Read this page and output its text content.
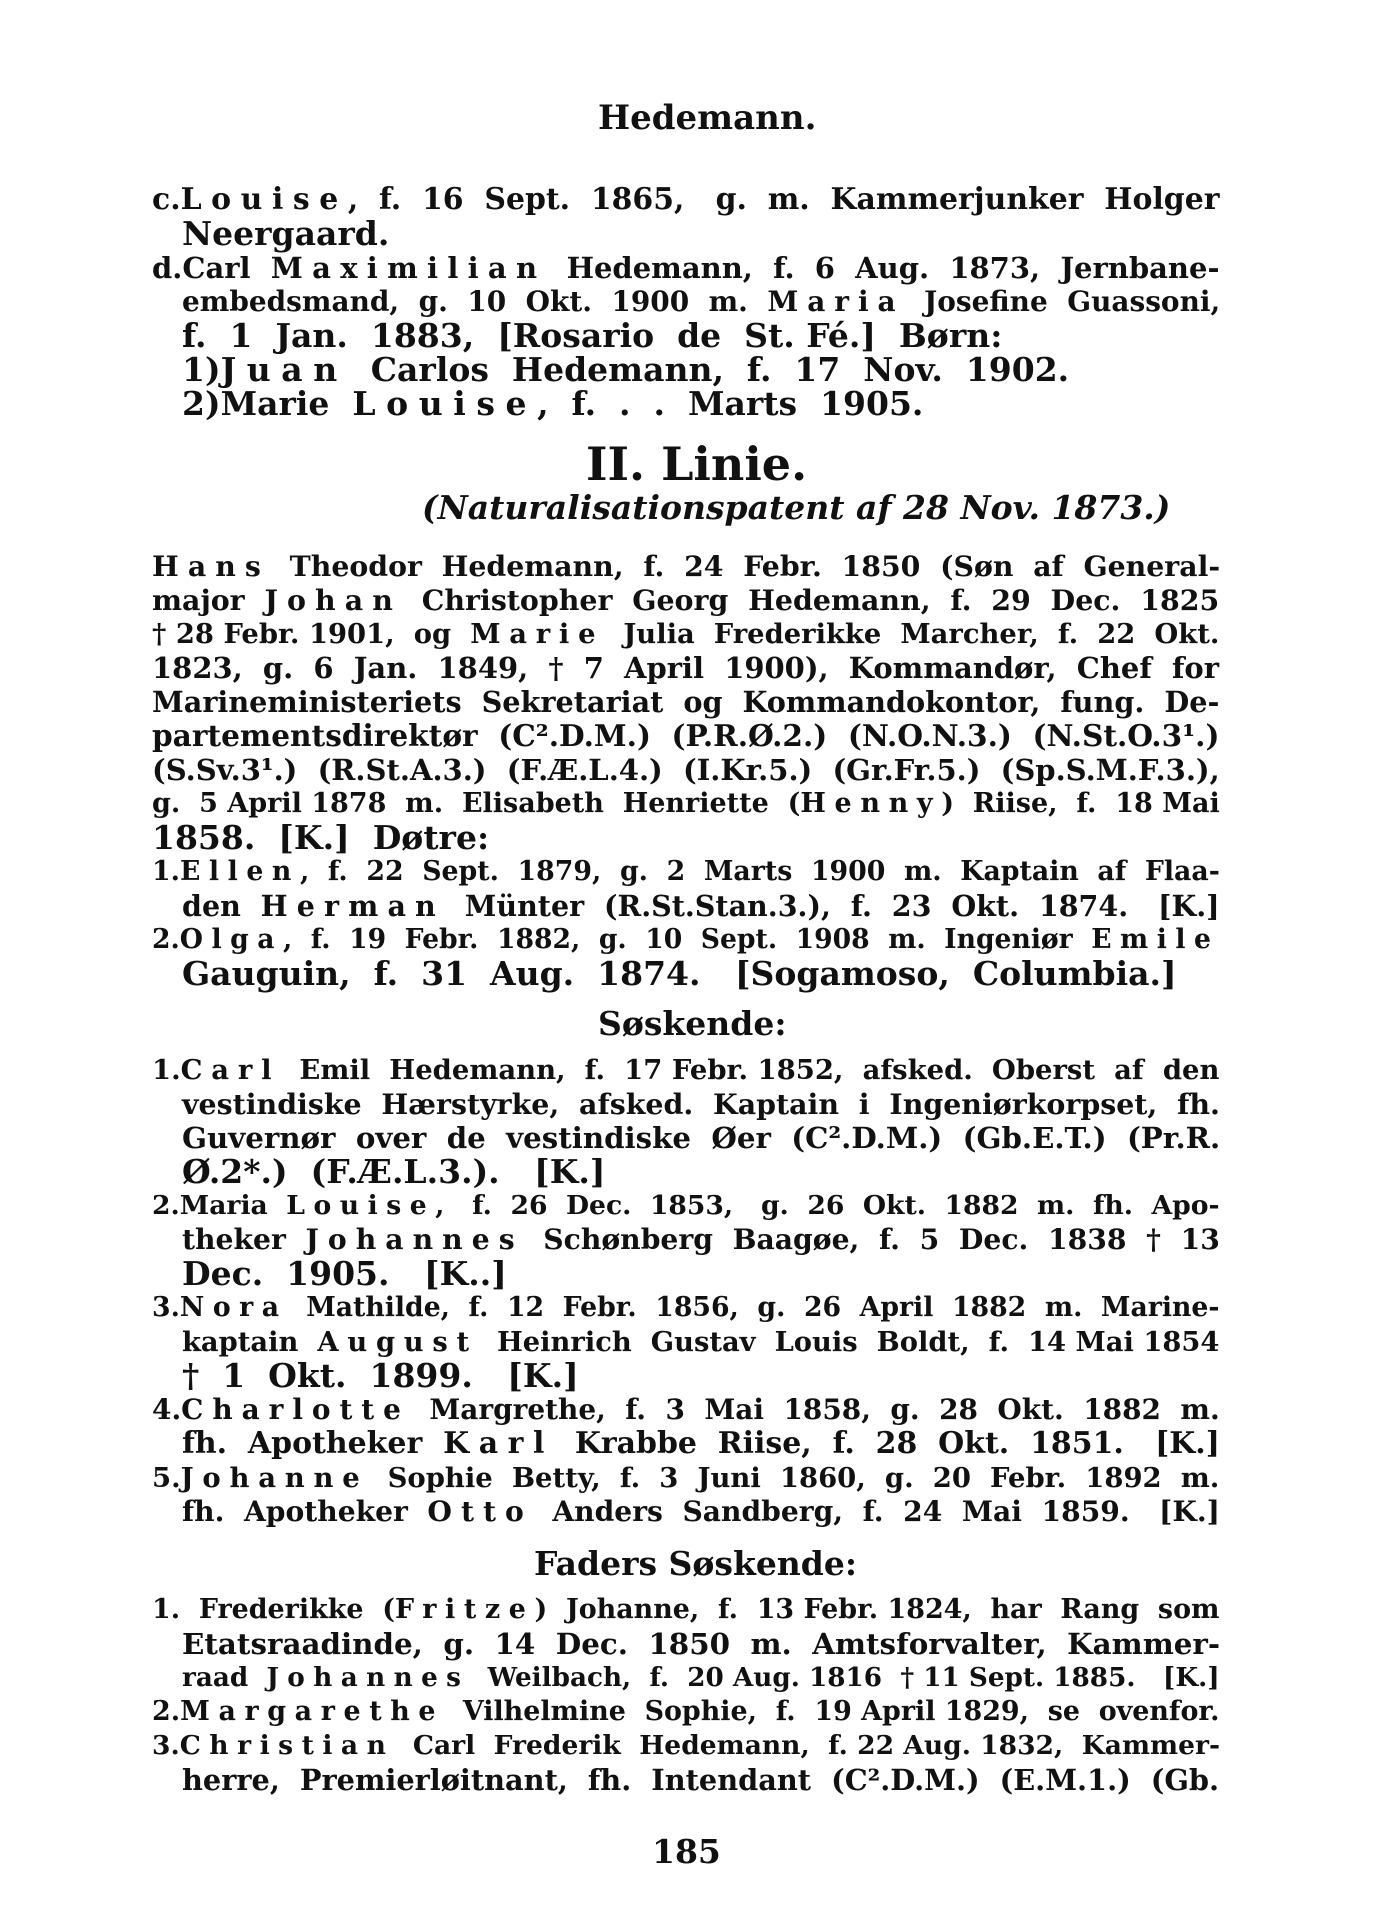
Hedemann.
c.Louise,  f.  16  Sept.  1865,   g.  m.  Kammerjunker  Holger
Neergaard.
d.Carl  Maximilian  Hedemann,  f.  6  Aug.  1873,  Jernbane-
embedsmand,  g.  10  Okt.  1900  m.  Maria  Josefine  Guassoni,
f.  1  Jan.  1883,  [Rosario  de  St. Fé.]  Børn:
1)Juan  Carlos  Hedemann,  f.  17  Nov.  1902.
2)Marie  Louise,  f.  .  .  Marts  1905.
II. Linie.
(Naturalisationspatent af 28 Nov. 1873.)
Hans  Theodor  Hedemann,  f.  24  Febr.  1850  (Søn  af  General-
major  Johan  Christopher  Georg  Hedemann,  f.  29  Dec.  1825
† 28 Febr. 1901,  og  Marie  Julia  Frederikke  Marcher,  f.  22  Okt.
1823,  g.  6  Jan.  1849,  †  7  April  1900),  Kommandør,  Chef  for
Marineministeriets  Sekretariat  og  Kommandokontor,  fung.  De-
partementsdirektør  (C².D.M.)  (P.R.Ø.2.)  (N.O.N.3.)  (N.St.O.3¹.)
(S.Sv.3¹.)  (R.St.A.3.)  (F.Æ.L.4.)  (I.Kr.5.)  (Gr.Fr.5.)  (Sp.S.M.F.3.),
g.  5 April 1878  m.  Elisabeth  Henriette  (Henny)  Riise,  f.  18 Mai
1858.  [K.]  Døtre:
1.Ellen,  f.  22  Sept.  1879,  g.  2  Marts  1900  m.  Kaptain  af  Flaa-
den  Herman  Münter  (R.St.Stan.3.),  f.  23  Okt.  1874.   [K.]
2.Olga,  f.  19  Febr.  1882,  g.  10  Sept.  1908  m.  Ingeniør  Emile
Gauguin,  f.  31  Aug.  1874.   [Sogamoso,  Columbia.]
Søskende:
1.Carl  Emil  Hedemann,  f.  17 Febr. 1852,  afsked.  Oberst  af  den
vestindiske  Hærstyrke,  afsked.  Kaptain  i  Ingeniørkorpset,  fh.
Guvernør  over  de  vestindiske  Øer  (C².D.M.)  (Gb.E.T.)  (Pr.R.
Ø.2*.)  (F.Æ.L.3.).   [K.]
2.Maria  Louise,   f.  26  Dec.  1853,   g.  26  Okt.  1882  m.  fh.  Apo-
theker  Johannes  Schønberg  Baagøe,  f.  5  Dec.  1838  †  13
Dec.  1905.   [K..]
3.Nora  Mathilde,  f.  12  Febr.  1856,  g.  26  April  1882  m.  Marine-
kaptain  August  Heinrich  Gustav  Louis  Boldt,  f.  14 Mai 1854
†  1  Okt.  1899.   [K.]
4.Charlotte  Margrethe,  f.  3  Mai  1858,  g.  28  Okt.  1882  m.
fh.  Apotheker  Karl  Krabbe  Riise,  f.  28  Okt.  1851.   [K.]
5.Johanne  Sophie  Betty,  f.  3  Juni  1860,  g.  20  Febr.  1892  m.
fh.  Apotheker  Otto  Anders  Sandberg,  f.  24  Mai  1859.   [K.]
Faders Søskende:
1.  Frederikke  (Fritze)  Johanne,  f.  13 Febr. 1824,  har  Rang  som
Etatsraadinde,  g.  14  Dec.  1850  m.  Amtsforvalter,  Kammer-
raad  Johannes  Weilbach,  f.  20 Aug. 1816  † 11 Sept. 1885.   [K.]
2.Margarethe  Vilhelmine  Sophie,  f.  19 April 1829,  se  ovenfor.
3.Christian  Carl  Frederik  Hedemann,  f. 22 Aug. 1832,  Kammer-
herre,  Premierløitnant,  fh.  Intendant  (C².D.M.)  (E.M.1.)  (Gb.
185
